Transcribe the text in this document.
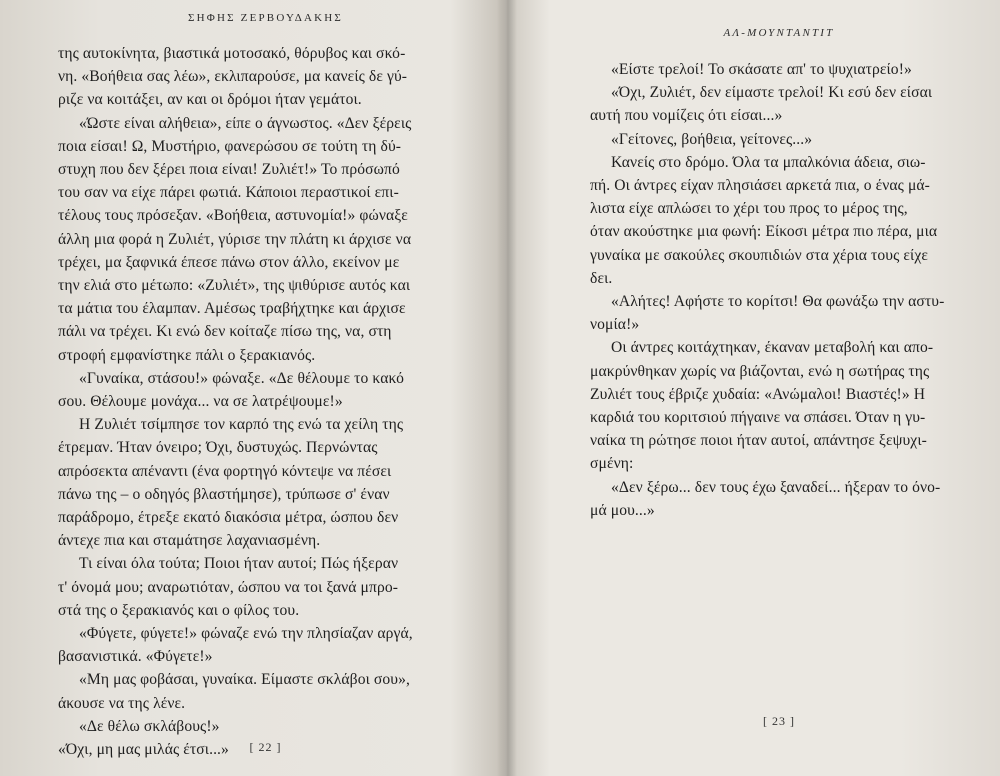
ΣΗΦΗΣ ΖΕΡΒΟΥΔΑΚΗΣ
της αυτοκίνητα, βιαστικά μοτοσακό, θόρυβος και σκό-
νη. «Βοήθεια σας λέω», εκλιπαρούσε, μα κανείς δε γύ-
ριζε να κοιτάξει, αν και οι δρόμοι ήταν γεμάτοι.
«Ώστε είναι αλήθεια», είπε ο άγνωστος. «Δεν ξέρεις
ποια είσαι! Ω, Μυστήριο, φανερώσου σε τούτη τη δύ-
στυχη που δεν ξέρει ποια είναι! Ζυλιέτ!» Το πρόσωπό
του σαν να είχε πάρει φωτιά. Κάποιοι περαστικοί επι-
τέλους τους πρόσεξαν. «Βοήθεια, αστυνομία!» φώναξε
άλλη μια φορά η Ζυλιέτ, γύρισε την πλάτη κι άρχισε να
τρέχει, μα ξαφνικά έπεσε πάνω στον άλλο, εκείνον με
την ελιά στο μέτωπο: «Ζυλιέτ», της ψιθύρισε αυτός και
τα μάτια του έλαμπαν. Αμέσως τραβήχτηκε και άρχισε
πάλι να τρέχει. Κι ενώ δεν κοίταζε πίσω της, να, στη
στροφή εμφανίστηκε πάλι ο ξερακιανός.
«Γυναίκα, στάσου!» φώναξε. «Δε θέλουμε το κακό
σου. Θέλουμε μονάχα... να σε λατρέψουμε!»
Η Ζυλιέτ τσίμπησε τον καρπό της ενώ τα χείλη της
έτρεμαν. Ήταν όνειρο; Όχι, δυστυχώς. Περνώντας
απρόσεκτα απέναντι (ένα φορτηγό κόντεψε να πέσει
πάνω της – ο οδηγός βλαστήμησε), τρύπωσε σ' έναν
παράδρομο, έτρεξε εκατό διακόσια μέτρα, ώσπου δεν
άντεχε πια και σταμάτησε λαχανιασμένη.
Τι είναι όλα τούτα; Ποιοι ήταν αυτοί; Πώς ήξεραν
τ' όνομά μου; αναρωτιόταν, ώσπου να τοι ξανά μπρο-
στά της ο ξερακιανός και ο φίλος του.
«Φύγετε, φύγετε!» φώναζε ενώ την πλησίαζαν αργά,
βασανιστικά. «Φύγετε!»
«Μη μας φοβάσαι, γυναίκα. Είμαστε σκλάβοι σου»,
άκουσε να της λένε.
«Δε θέλω σκλάβους!»
«Όχι, μη μας μιλάς έτσι...»	[ 22 ]
ΑΛ-ΜΟΥΝΤΑΝΤΙΤ
«Είστε τρελοί! Το σκάσατε απ' το ψυχιατρείο!»
«Όχι, Ζυλιέτ, δεν είμαστε τρελοί! Κι εσύ δεν είσαι
αυτή που νομίζεις ότι είσαι...»
«Γείτονες, βοήθεια, γείτονες...»
Κανείς στο δρόμο. Όλα τα μπαλκόνια άδεια, σιω-
πή. Οι άντρες είχαν πλησιάσει αρκετά πια, ο ένας μά-
λιστα είχε απλώσει το χέρι του προς το μέρος της,
όταν ακούστηκε μια φωνή: Είκοσι μέτρα πιο πέρα, μια
γυναίκα με σακούλες σκουπιδιών στα χέρια τους είχε
δει.
«Αλήτες! Αφήστε το κορίτσι! Θα φωνάξω την αστυ-
νομία!»
Οι άντρες κοιτάχτηκαν, έκαναν μεταβολή και απο-
μακρύνθηκαν χωρίς να βιάζονται, ενώ η σωτήρας της
Ζυλιέτ τους έβριζε χυδαία: «Ανώμαλοι! Βιαστές!» Η
καρδιά του κοριτσιού πήγαινε να σπάσει. Όταν η γυ-
ναίκα τη ρώτησε ποιοι ήταν αυτοί, απάντησε ξεψυχι-
σμένη:
«Δεν ξέρω... δεν τους έχω ξαναδεί... ήξεραν το όνο-
μά μου...»
[ 23 ]
